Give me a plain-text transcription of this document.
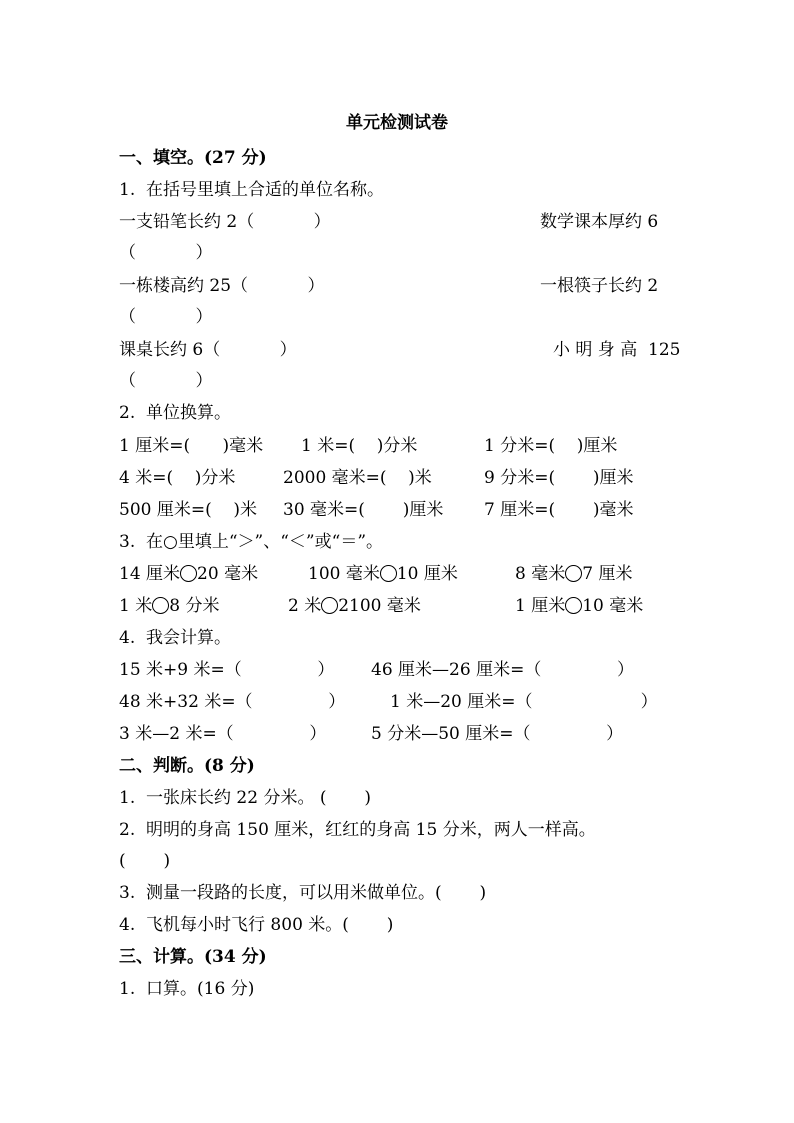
单元检测试卷
一、填空。(27 分)
1.  在括号里填上合适的单位名称。
一支铅笔长约 2（           ）	数学课本厚约 6
（           ）
一栋楼高约 25（           ）	一根筷子长约 2
（           ）
课桌长约 6（           ）	小 明 身 高  125
（           ）
2.  单位换算。
1 厘米=(      )毫米 1 米=(    )分米	1 分米=(    )厘米
4 米=(    )分米	2000 毫米=(    )米	9 分米=(       )厘米
500 厘米=(    )米 30 毫米=(       )厘米 7 厘米=(       )毫米
3.  在○里填上“＞”、“＜”或“＝”。
14 厘米 20 毫米	100 毫米 10 厘米	8 毫米 7 厘米
1 米 8 分米	2 米 2100 毫米	1 厘米 10 毫米
4.  我会计算。
15 米+9 米=（              ） 46 厘米—26 厘米=（              ）
48 米+32 米=（              ）	1 米—20 厘米=（                    ）
3 米—2 米=（              ）	5 分米—50 厘米=（              ）
二、判断。(8 分)
1.  一张床长约 22 分米。 (       )
2.  明明的身高 150 厘米，红红的身高 15 分米，两人一样高。
(       )
3.  测量一段路的长度，可以用米做单位。(       )
4.  飞机每小时飞行 800 米。(       )
三、计算。(34 分)
1.  口算。(16 分)
